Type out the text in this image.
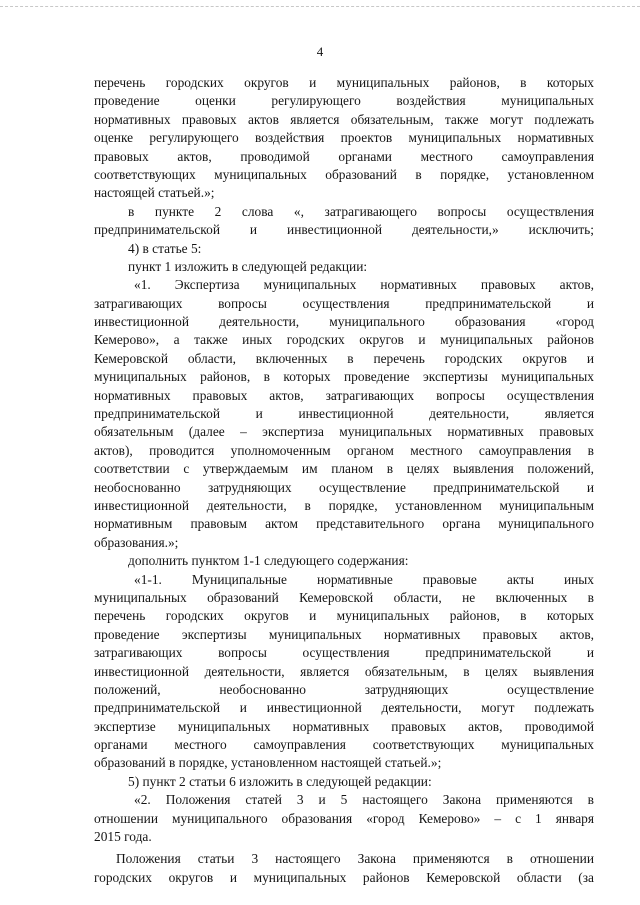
4
перечень городских округов и муниципальных районов, в которых
проведение оценки регулирующего воздействия муниципальных
нормативных правовых актов является обязательным, также могут подлежать
оценке регулирующего воздействия проектов муниципальных нормативных
правовых актов, проводимой органами местного самоуправления
соответствующих муниципальных образований в порядке, установленном
настоящей статьей.»;
в пункте 2 слова «, затрагивающего вопросы осуществления
предпринимательской и инвестиционной деятельности,» исключить;
4) в статье 5:
пункт 1 изложить в следующей редакции:
«1. Экспертиза муниципальных нормативных правовых актов,
затрагивающих вопросы осуществления предпринимательской и
инвестиционной деятельности, муниципального образования «город
Кемерово», а также иных городских округов и муниципальных районов
Кемеровской области, включенных в перечень городских округов и
муниципальных районов, в которых проведение экспертизы муниципальных
нормативных правовых актов, затрагивающих вопросы осуществления
предпринимательской и инвестиционной деятельности, является
обязательным (далее – экспертиза муниципальных нормативных правовых
актов), проводится уполномоченным органом местного самоуправления в
соответствии с утверждаемым им планом в целях выявления положений,
необоснованно затрудняющих осуществление предпринимательской и
инвестиционной деятельности, в порядке, установленном муниципальным
нормативным правовым актом представительного органа муниципального
образования.»;
дополнить пунктом 1-1 следующего содержания:
«1-1. Муниципальные нормативные правовые акты иных
муниципальных образований Кемеровской области, не включенных в
перечень городских округов и муниципальных районов, в которых
проведение экспертизы муниципальных нормативных правовых актов,
затрагивающих вопросы осуществления предпринимательской и
инвестиционной деятельности, является обязательным, в целях выявления
положений, необоснованно затрудняющих осуществление
предпринимательской и инвестиционной деятельности, могут подлежать
экспертизе муниципальных нормативных правовых актов, проводимой
органами местного самоуправления соответствующих муниципальных
образований в порядке, установленном настоящей статьей.»;
5) пункт 2 статьи 6 изложить в следующей редакции:
«2. Положения статей 3 и 5 настоящего Закона применяются в
отношении муниципального образования «город Кемерово» – с 1 января
2015 года.
Положения статьи 3 настоящего Закона применяются в отношении
городских округов и муниципальных районов Кемеровской области (за
